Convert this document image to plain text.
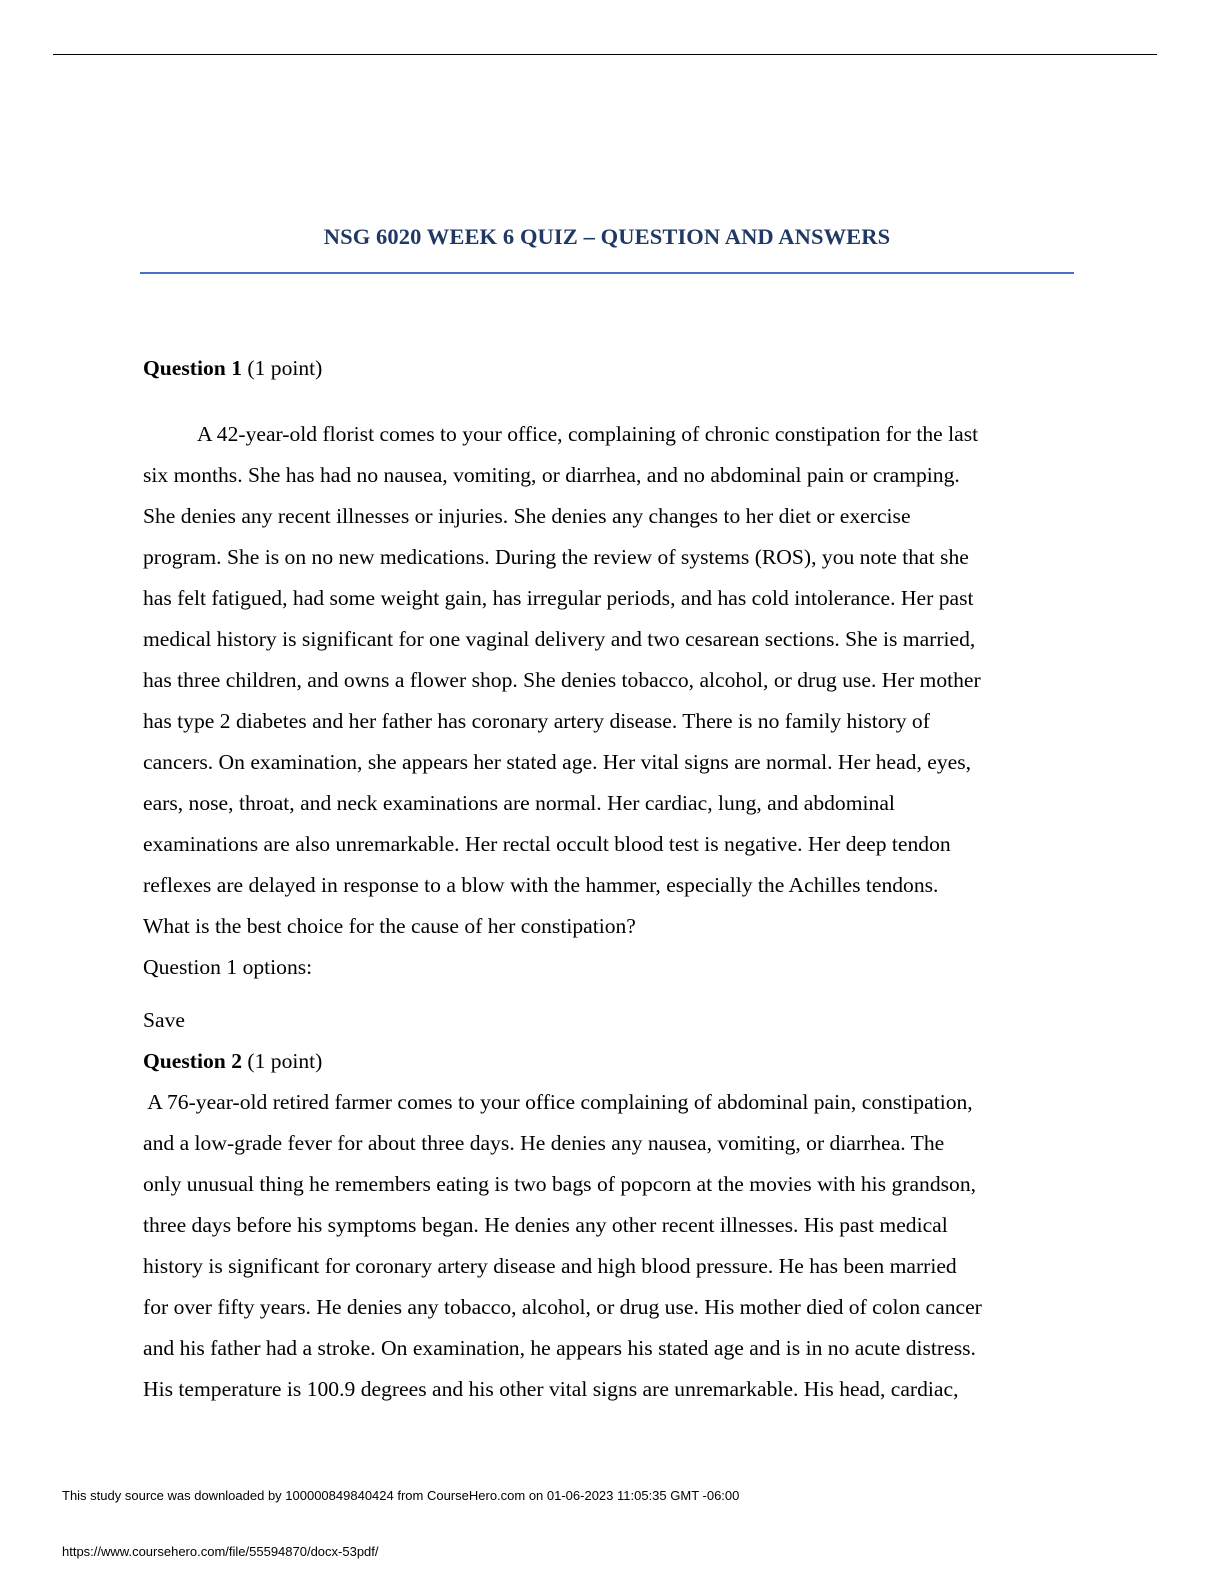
NSG 6020 WEEK 6 QUIZ – QUESTION AND ANSWERS
Question 1 (1 point)
A 42-year-old florist comes to your office, complaining of chronic constipation for the last
six months. She has had no nausea, vomiting, or diarrhea, and no abdominal pain or cramping.
She denies any recent illnesses or injuries. She denies any changes to her diet or exercise
program. She is on no new medications. During the review of systems (ROS), you note that she
has felt fatigued, had some weight gain, has irregular periods, and has cold intolerance. Her past
medical history is significant for one vaginal delivery and two cesarean sections. She is married,
has three children, and owns a flower shop. She denies tobacco, alcohol, or drug use. Her mother
has type 2 diabetes and her father has coronary artery disease. There is no family history of
cancers. On examination, she appears her stated age. Her vital signs are normal. Her head, eyes,
ears, nose, throat, and neck examinations are normal. Her cardiac, lung, and abdominal
examinations are also unremarkable. Her rectal occult blood test is negative. Her deep tendon
reflexes are delayed in response to a blow with the hammer, especially the Achilles tendons.
What is the best choice for the cause of her constipation?
Question 1 options:
Save
Question 2 (1 point)
A 76-year-old retired farmer comes to your office complaining of abdominal pain, constipation,
and a low-grade fever for about three days. He denies any nausea, vomiting, or diarrhea. The
only unusual thing he remembers eating is two bags of popcorn at the movies with his grandson,
three days before his symptoms began. He denies any other recent illnesses. His past medical
history is significant for coronary artery disease and high blood pressure. He has been married
for over fifty years. He denies any tobacco, alcohol, or drug use. His mother died of colon cancer
and his father had a stroke. On examination, he appears his stated age and is in no acute distress.
His temperature is 100.9 degrees and his other vital signs are unremarkable. His head, cardiac,
This study source was downloaded by 100000849840424 from CourseHero.com on 01-06-2023 11:05:35 GMT -06:00
https://www.coursehero.com/file/55594870/docx-53pdf/
